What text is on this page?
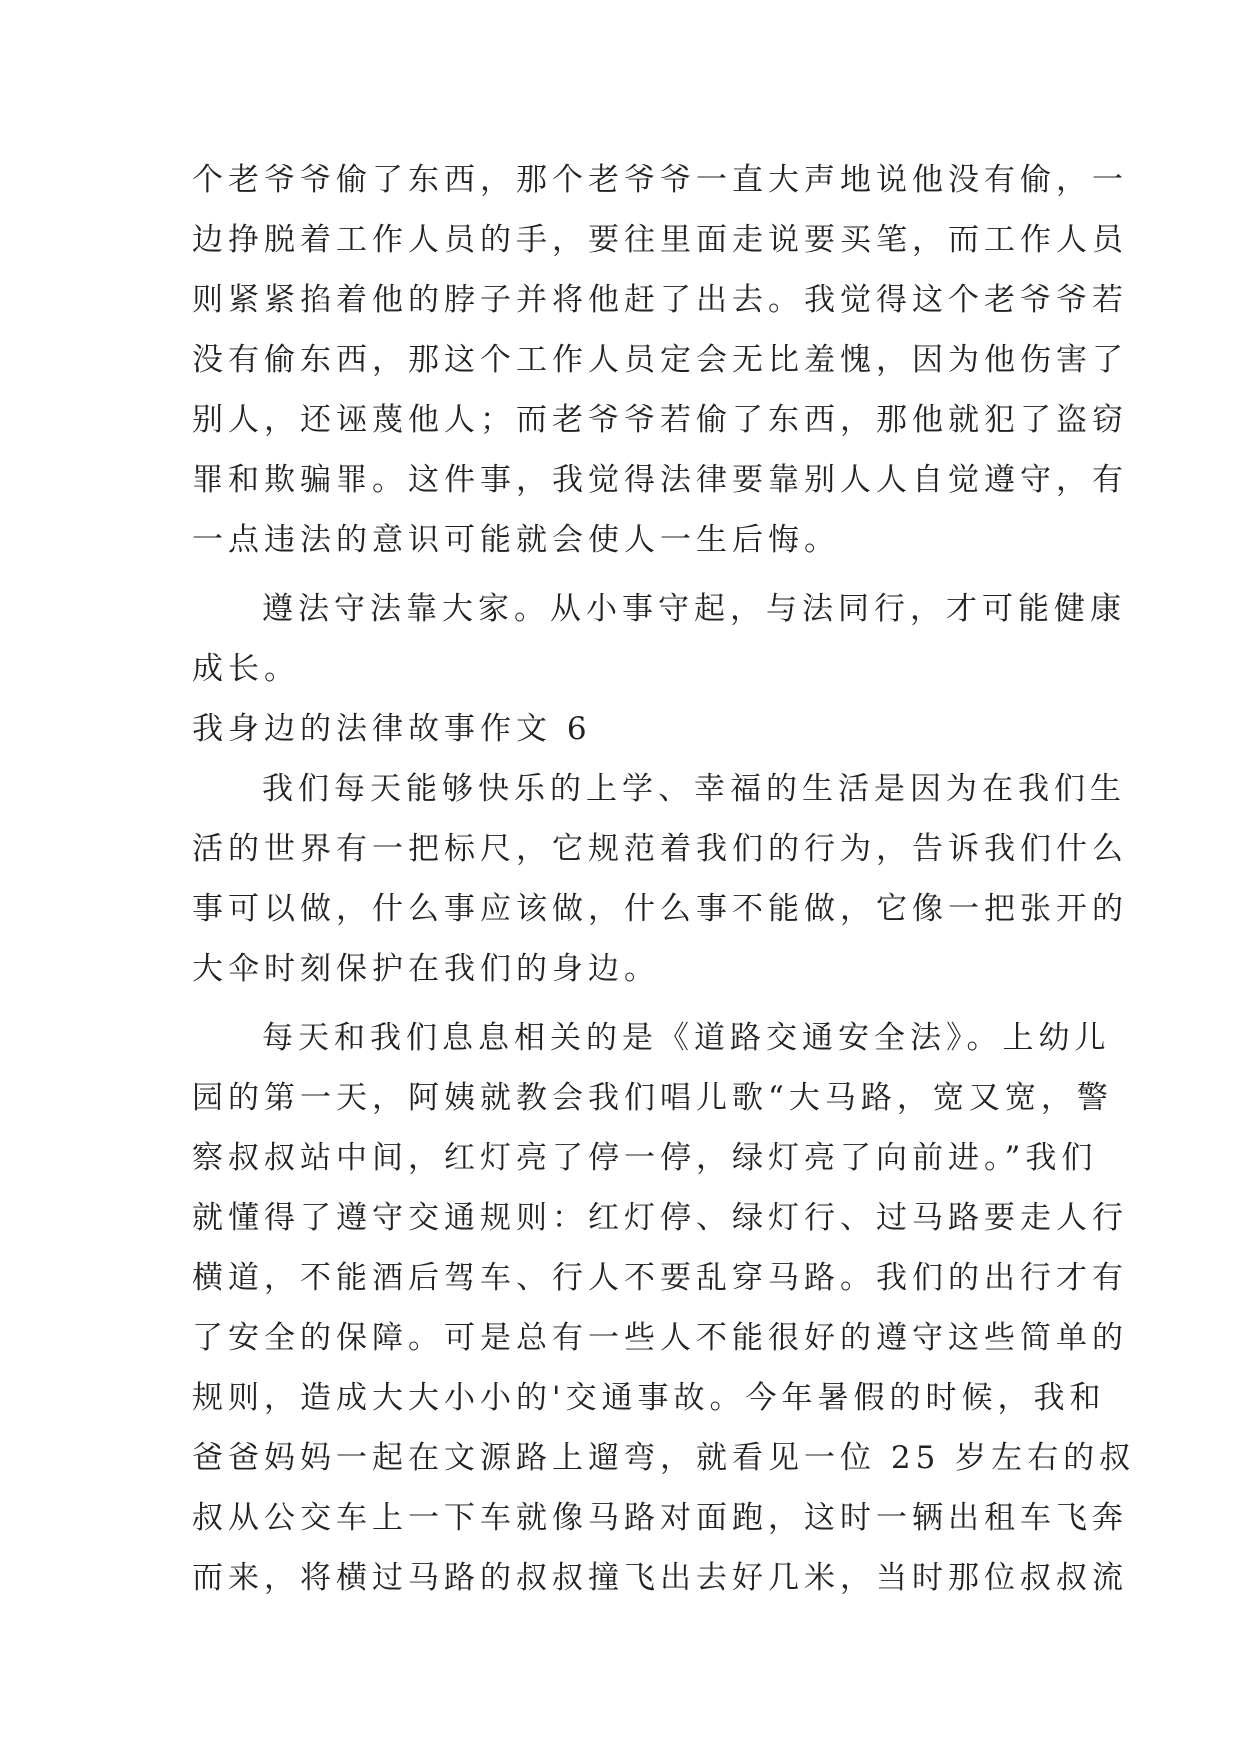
个老爷爷偷了东西，那个老爷爷一直大声地说他没有偷，一
边挣脱着工作人员的手，要往里面走说要买笔，而工作人员
则紧紧掐着他的脖子并将他赶了出去。我觉得这个老爷爷若
没有偷东西，那这个工作人员定会无比羞愧，因为他伤害了
别人，还诬蔑他人；而老爷爷若偷了东西，那他就犯了盗窃
罪和欺骗罪。这件事，我觉得法律要靠别人人自觉遵守，有
一点违法的意识可能就会使人一生后悔。
遵法守法靠大家。从小事守起，与法同行，才可能健康
成长。
我身边的法律故事作文 6
我们每天能够快乐的上学、幸福的生活是因为在我们生
活的世界有一把标尺，它规范着我们的行为，告诉我们什么
事可以做，什么事应该做，什么事不能做，它像一把张开的
大伞时刻保护在我们的身边。
每天和我们息息相关的是《道路交通安全法》。上幼儿
园的第一天，阿姨就教会我们唱儿歌“大马路，宽又宽，警
察叔叔站中间，红灯亮了停一停，绿灯亮了向前进。”我们
就懂得了遵守交通规则：红灯停、绿灯行、过马路要走人行
横道，不能酒后驾车、行人不要乱穿马路。我们的出行才有
了安全的保障。可是总有一些人不能很好的遵守这些简单的
规则，造成大大小小的'交通事故。今年暑假的时候，我和
爸爸妈妈一起在文源路上遛弯，就看见一位 25 岁左右的叔
叔从公交车上一下车就像马路对面跑，这时一辆出租车飞奔
而来，将横过马路的叔叔撞飞出去好几米，当时那位叔叔流
